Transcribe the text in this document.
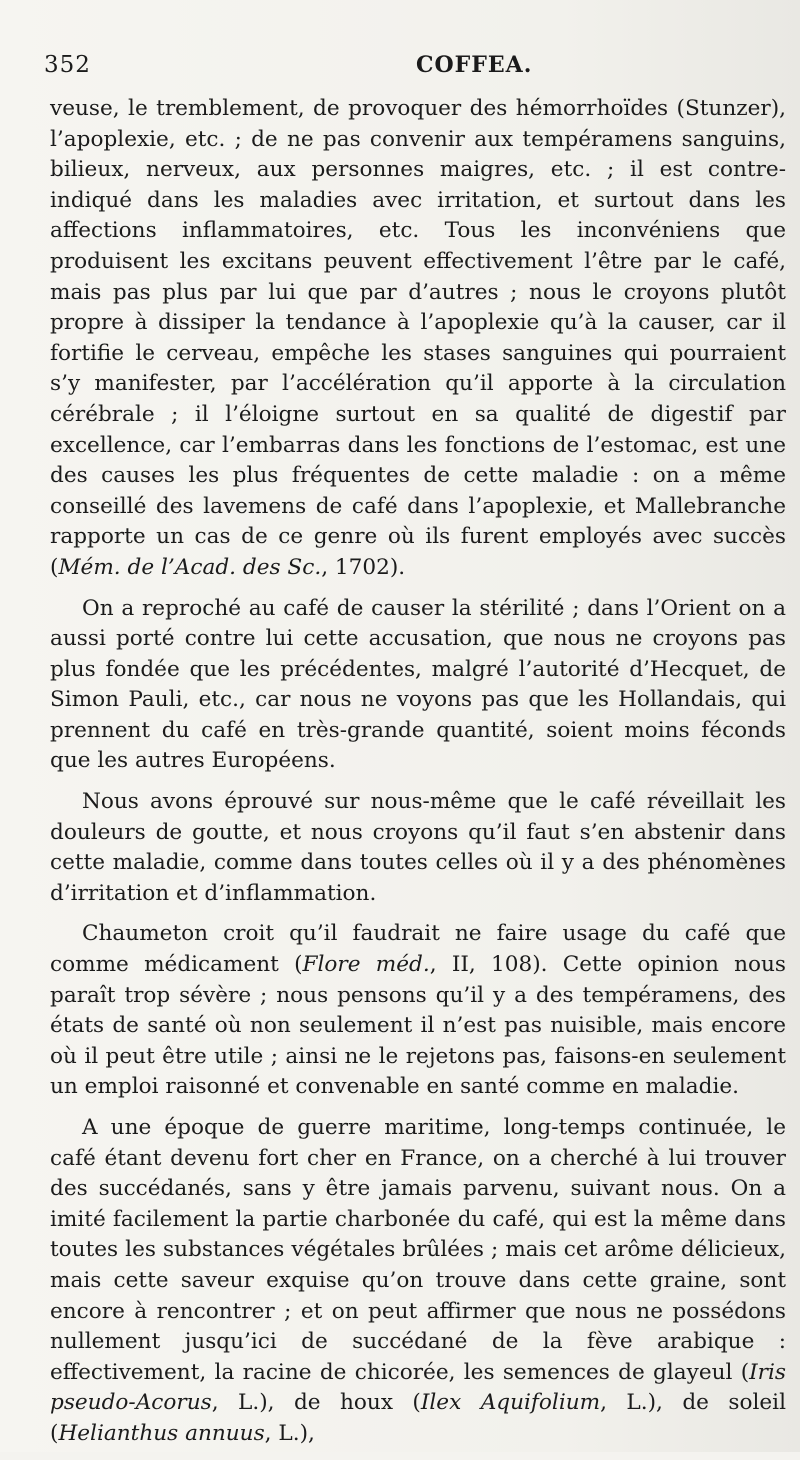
352	COFFEA.

veuse, le tremblement, de provoquer des hémorrhoïdes (Stunzer), l’apoplexie, etc. ; de ne pas convenir aux tempéramens sanguins, bilieux, nerveux, aux personnes maigres, etc. ; il est contre-indiqué dans les maladies avec irritation, et surtout dans les affections inflammatoires, etc. Tous les inconvéniens que produisent les excitans peuvent effectivement l’être par le café, mais pas plus par lui que par d’autres ; nous le croyons plutôt propre à dissiper la tendance à l’apoplexie qu’à la causer, car il fortifie le cerveau, empêche les stases sanguines qui pourraient s’y manifester, par l’accélération qu’il apporte à la circulation cérébrale ; il l’éloigne surtout en sa qualité de digestif par excellence, car l’embarras dans les fonctions de l’estomac, est une des causes les plus fréquentes de cette maladie : on a même conseillé des lavemens de café dans l’apoplexie, et Mallebranche rapporte un cas de ce genre où ils furent employés avec succès (Mém. de l’Acad. des Sc., 1702).

On a reproché au café de causer la stérilité ; dans l’Orient on a aussi porté contre lui cette accusation, que nous ne croyons pas plus fondée que les précédentes, malgré l’autorité d’Hecquet, de Simon Pauli, etc., car nous ne voyons pas que les Hollandais, qui prennent du café en très-grande quantité, soient moins féconds que les autres Européens.

Nous avons éprouvé sur nous-même que le café réveillait les douleurs de goutte, et nous croyons qu’il faut s’en abstenir dans cette maladie, comme dans toutes celles où il y a des phénomènes d’irritation et d’inflammation.

Chaumeton croit qu’il faudrait ne faire usage du café que comme médicament (Flore méd., II, 108). Cette opinion nous paraît trop sévère ; nous pensons qu’il y a des tempéramens, des états de santé où non seulement il n’est pas nuisible, mais encore où il peut être utile ; ainsi ne le rejetons pas, faisons-en seulement un emploi raisonné et convenable en santé comme en maladie.

A une époque de guerre maritime, long-temps continuée, le café étant devenu fort cher en France, on a cherché à lui trouver des succédanés, sans y être jamais parvenu, suivant nous. On a imité facilement la partie charbonée du café, qui est la même dans toutes les substances végétales brûlées ; mais cet arôme délicieux, mais cette saveur exquise qu’on trouve dans cette graine, sont encore à rencontrer ; et on peut affirmer que nous ne possédons nullement jusqu’ici de succédané de la fève arabique : effectivement, la racine de chicorée, les semences de glayeul (Iris pseudo-Acorus, L.), de houx (Ilex Aquifolium, L.), de soleil (Helianthus annuus, L.),
